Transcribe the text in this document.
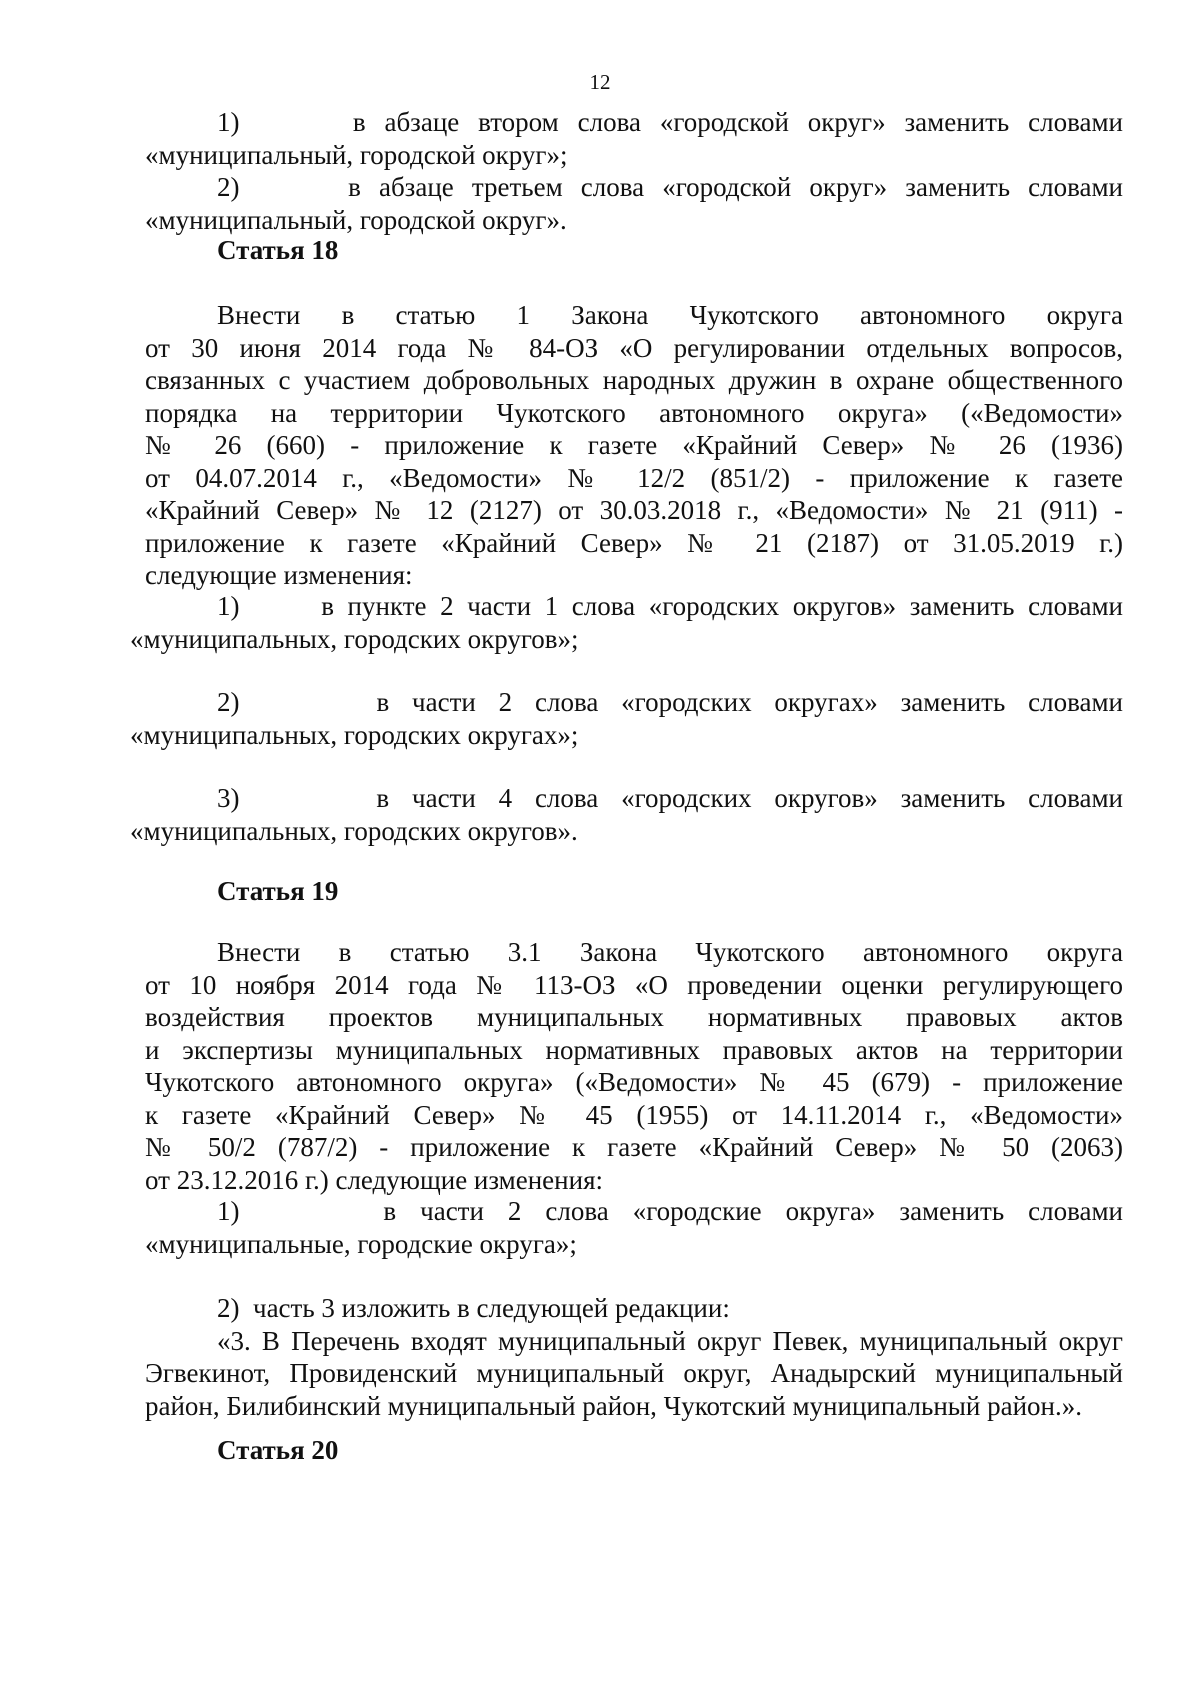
12
1)      в абзаце втором слова «городской округ» заменить словами
«муниципальный, городской округ»;
2)      в абзаце третьем слова «городской округ» заменить словами
«муниципальный, городской округ».
Статья 18
Внести в статью 1 Закона Чукотского автономного округа
от 30 июня 2014 года № 84-ОЗ «О регулировании отдельных вопросов,
связанных с участием добровольных народных дружин в охране общественного
порядка на территории Чукотского автономного округа» («Ведомости»
№ 26 (660) - приложение к газете «Крайний Север» № 26 (1936)
от 04.07.2014 г., «Ведомости» № 12/2 (851/2) - приложение к газете
«Крайний Север» № 12 (2127) от 30.03.2018 г., «Ведомости» № 21 (911) -
приложение к газете «Крайний Север» № 21 (2187) от 31.05.2019 г.)
следующие изменения:
1)      в пункте 2 части 1 слова «городских округов» заменить словами
«муниципальных, городских округов»;
2)      в части 2 слова «городских округах» заменить словами
«муниципальных, городских округах»;
3)      в части 4 слова «городских округов» заменить словами
«муниципальных, городских округов».
Статья 19
Внести в статью 3.1 Закона Чукотского автономного округа
от 10 ноября 2014 года № 113-ОЗ «О проведении оценки регулирующего
воздействия проектов муниципальных нормативных правовых актов
и экспертизы муниципальных нормативных правовых актов на территории
Чукотского автономного округа» («Ведомости» № 45 (679) - приложение
к газете «Крайний Север» № 45 (1955) от 14.11.2014 г., «Ведомости»
№ 50/2 (787/2) - приложение к газете «Крайний Север» № 50 (2063)
от 23.12.2016 г.) следующие изменения:
1)      в части 2 слова «городские округа» заменить словами
«муниципальные, городские округа»;
2)  часть 3 изложить в следующей редакции:
«3. В Перечень входят муниципальный округ Певек, муниципальный округ
Эгвекинот, Провиденский муниципальный округ, Анадырский муниципальный
район, Билибинский муниципальный район, Чукотский муниципальный район.».
Статья 20
